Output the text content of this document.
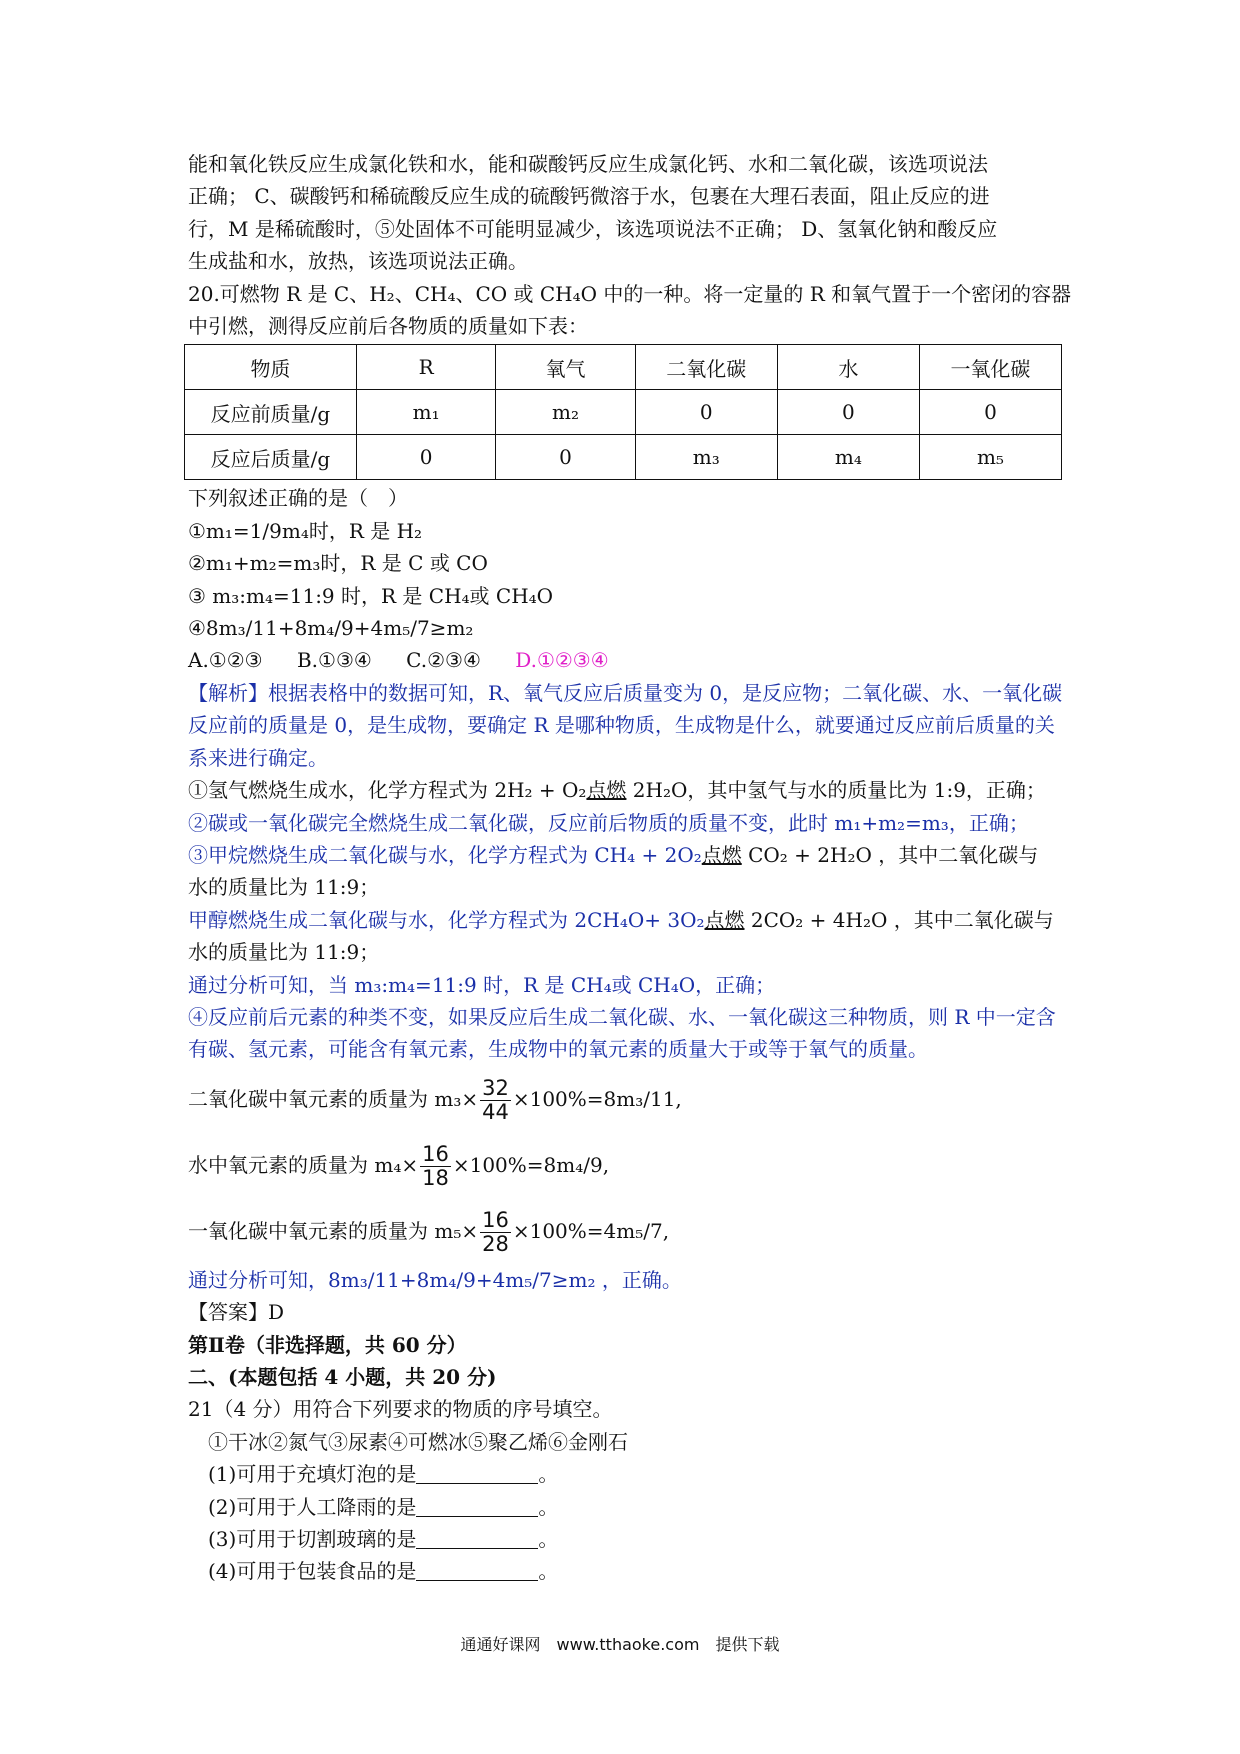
能和氧化铁反应生成氯化铁和水，能和碳酸钙反应生成氯化钙、水和二氧化碳，该选项说法
正确； C、碳酸钙和稀硫酸反应生成的硫酸钙微溶于水，包裹在大理石表面，阻止反应的进
行，M 是稀硫酸时，⑤处固体不可能明显减少，该选项说法不正确； D、氢氧化钠和酸反应
生成盐和水，放热，该选项说法正确。
20.可燃物 R 是 C、H₂、CH₄、CO 或 CH₄O 中的一种。将一定量的 R 和氧气置于一个密闭的容器
中引燃，测得反应前后各物质的质量如下表：
物质	R	氧气	二氧化碳	水	一氧化碳
反应前质量/g	m₁	m₂	0	0	0
反应后质量/g	0	0	m₃	m₄	m₅
下列叙述正确的是（　）
①m₁=1/9m₄时，R 是 H₂
②m₁+m₂=m₃时，R 是 C 或 CO
③ m₃:m₄=11:9 时，R 是 CH₄或 CH₄O
④8m₃/11+8m₄/9+4m₅/7≥m₂
A.①②③ B.①③④ C.②③④ D.①②③④
【解析】根据表格中的数据可知，R、氧气反应后质量变为 0，是反应物；二氧化碳、水、一氧化碳反应前的质量是 0，是生成物，要确定 R 是哪种物质，生成物是什么，就要通过反应前后质量的关系来进行确定。
①氢气燃烧生成水，化学方程式为 2H₂ + O₂点燃 2H₂O，其中氢气与水的质量比为 1:9，正确；
②碳或一氧化碳完全燃烧生成二氧化碳，反应前后物质的质量不变，此时 m₁+m₂=m₃，正确；
③甲烷燃烧生成二氧化碳与水，化学方程式为 CH₄ + 2O₂点燃 CO₂ + 2H₂O ，其中二氧化碳与
水的质量比为 11:9；
甲醇燃烧生成二氧化碳与水，化学方程式为 2CH₄O+ 3O₂点燃 2CO₂ + 4H₂O ，其中二氧化碳与
水的质量比为 11:9；
通过分析可知，当 m₃:m₄=11:9 时，R 是 CH₄或 CH₄O，正确；
④反应前后元素的种类不变，如果反应后生成二氧化碳、水、一氧化碳这三种物质，则 R 中一定含有碳、氢元素，可能含有氧元素，生成物中的氧元素的质量大于或等于氧气的质量。
二氧化碳中氧元素的质量为 $m_3\times \frac{32}{44} \times 100\%=8m_3/11$,
水中氧元素的质量为 $m_4\times \frac{16}{18} \times 100\%=8m_4/9$,
一氧化碳中氧元素的质量为 $m_5\times \frac{16}{28} \times 100\%=4m_5/7$,
通过分析可知，8m₃/11+8m₄/9+4m₅/7≥m₂ ，正确。
【答案】D
第Ⅱ卷（非选择题，共 60 分）
二、(本题包括 4 小题，共 20 分)
21（4 分）用符合下列要求的物质的序号填空。
①干冰②氮气③尿素④可燃冰⑤聚乙烯⑥金刚石
(1)可用于充填灯泡的是	。
(2)可用于人工降雨的是	。
(3)可用于切割玻璃的是	。
(4)可用于包装食品的是	。
通通好课网　www.tthaoke.com　提供下载
